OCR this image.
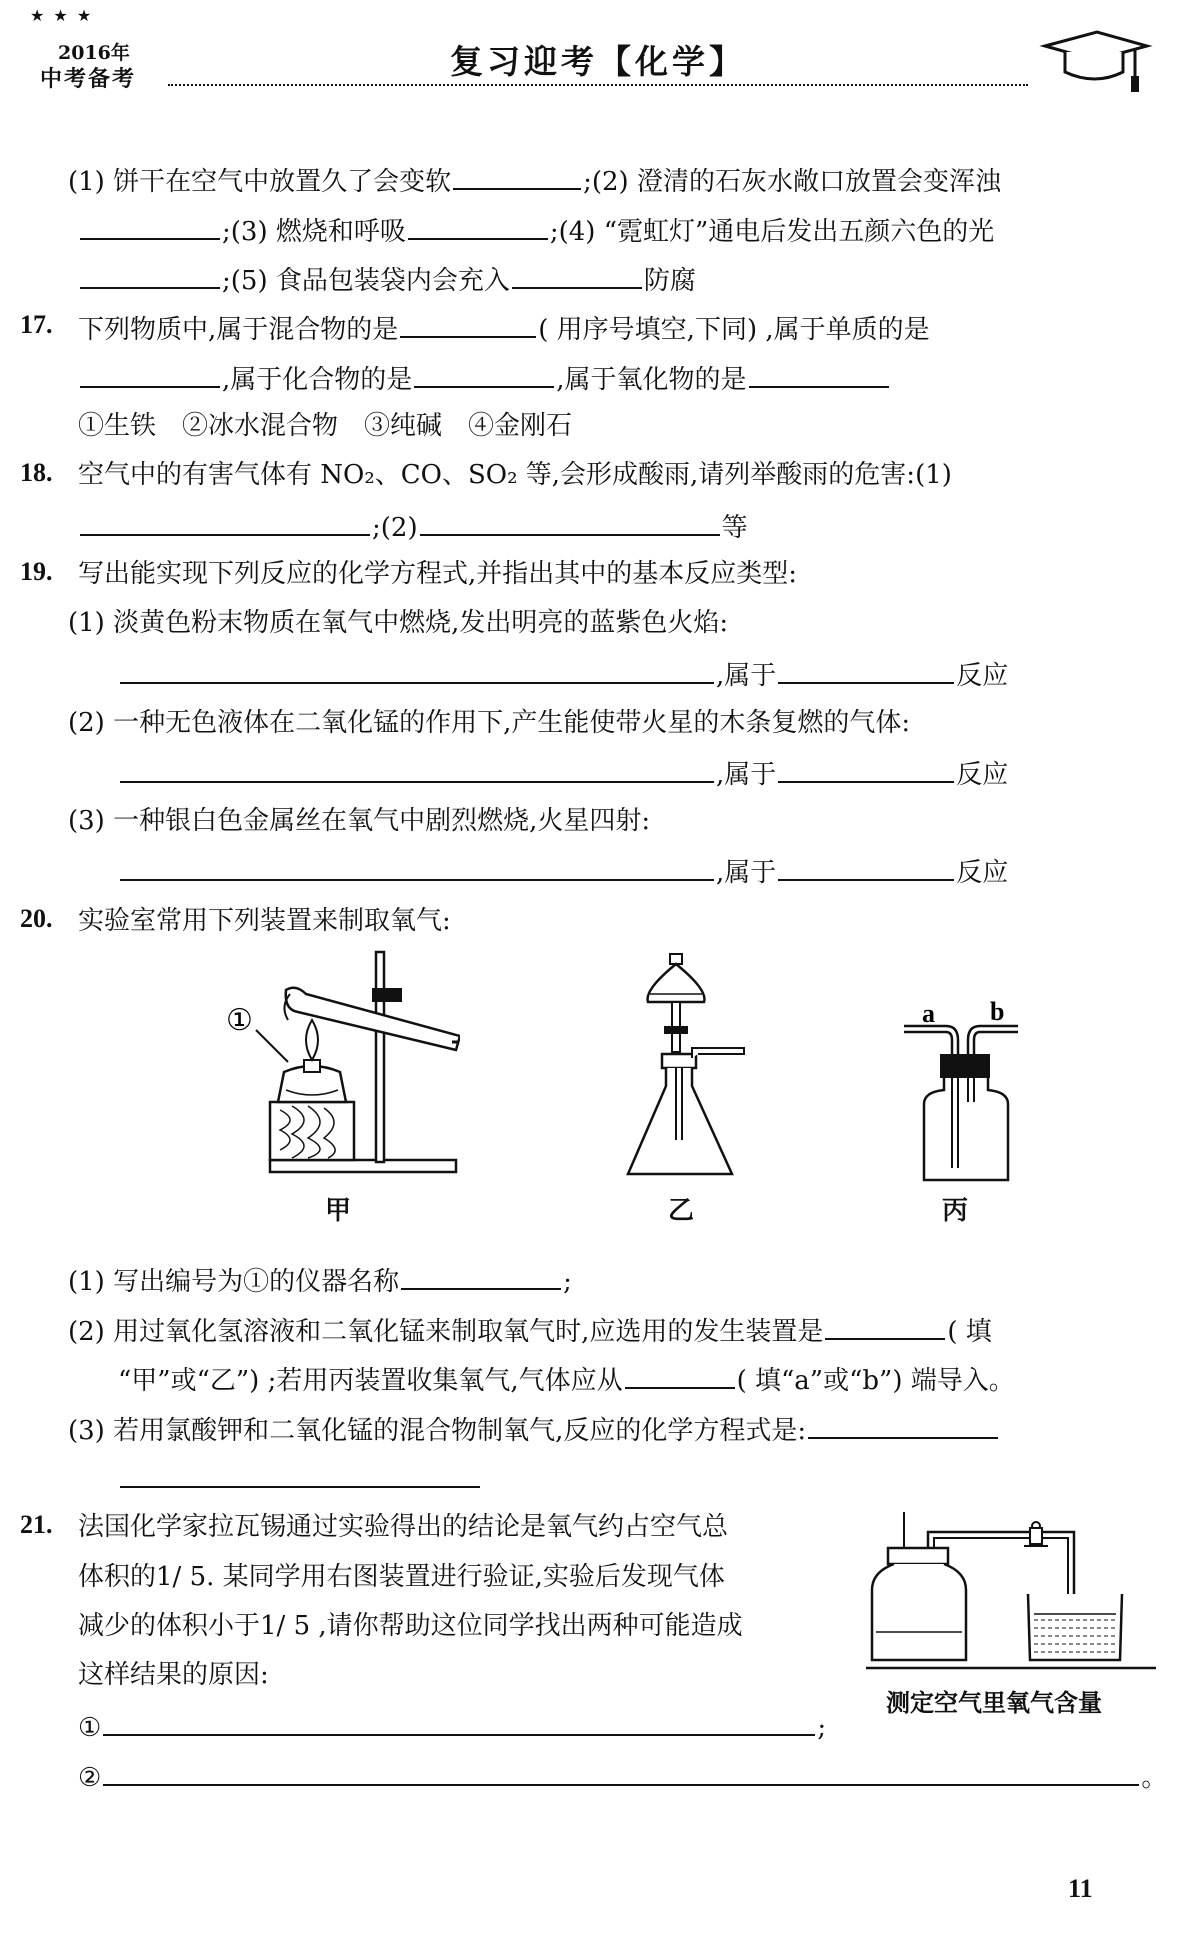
★ ★ ★
2016年
中考备考	复习迎考【化学】
(1) 饼干在空气中放置久了会变软	;(2) 澄清的石灰水敞口放置会变浑浊
;(3) 燃烧和呼吸	;(4) “霓虹灯”通电后发出五颜六色的光
;(5) 食品包装袋内会充入	防腐
17. 下列物质中,属于混合物的是	( 用序号填空,下同) ,属于单质的是
,属于化合物的是	,属于氧化物的是
①生铁　②冰水混合物　③纯碱　④金刚石
18. 空气中的有害气体有 NO₂、CO、SO₂ 等,会形成酸雨,请列举酸雨的危害:(1)
;(2)	等
19. 写出能实现下列反应的化学方程式,并指出其中的基本反应类型:
(1) 淡黄色粉末物质在氧气中燃烧,发出明亮的蓝紫色火焰:
,属于	反应
(2) 一种无色液体在二氧化锰的作用下,产生能使带火星的木条复燃的气体:
,属于	反应
(3) 一种银白色金属丝在氧气中剧烈燃烧,火星四射:
,属于	反应
20. 实验室常用下列装置来制取氧气:
①
甲	乙
a b
丙
(1) 写出编号为①的仪器名称	;
(2) 用过氧化氢溶液和二氧化锰来制取氧气时,应选用的发生装置是	( 填
“甲”或“乙”) ;若用丙装置收集氧气,气体应从	( 填“a”或“b”) 端导入。
(3) 若用氯酸钾和二氧化锰的混合物制氧气,反应的化学方程式是:
21. 法国化学家拉瓦锡通过实验得出的结论是氧气约占空气总
体积的1/ 5. 某同学用右图装置进行验证,实验后发现气体
减少的体积小于1/ 5 ,请你帮助这位同学找出两种可能造成
这样结果的原因:
测定空气里氧气含量
①	;
②	。
11
